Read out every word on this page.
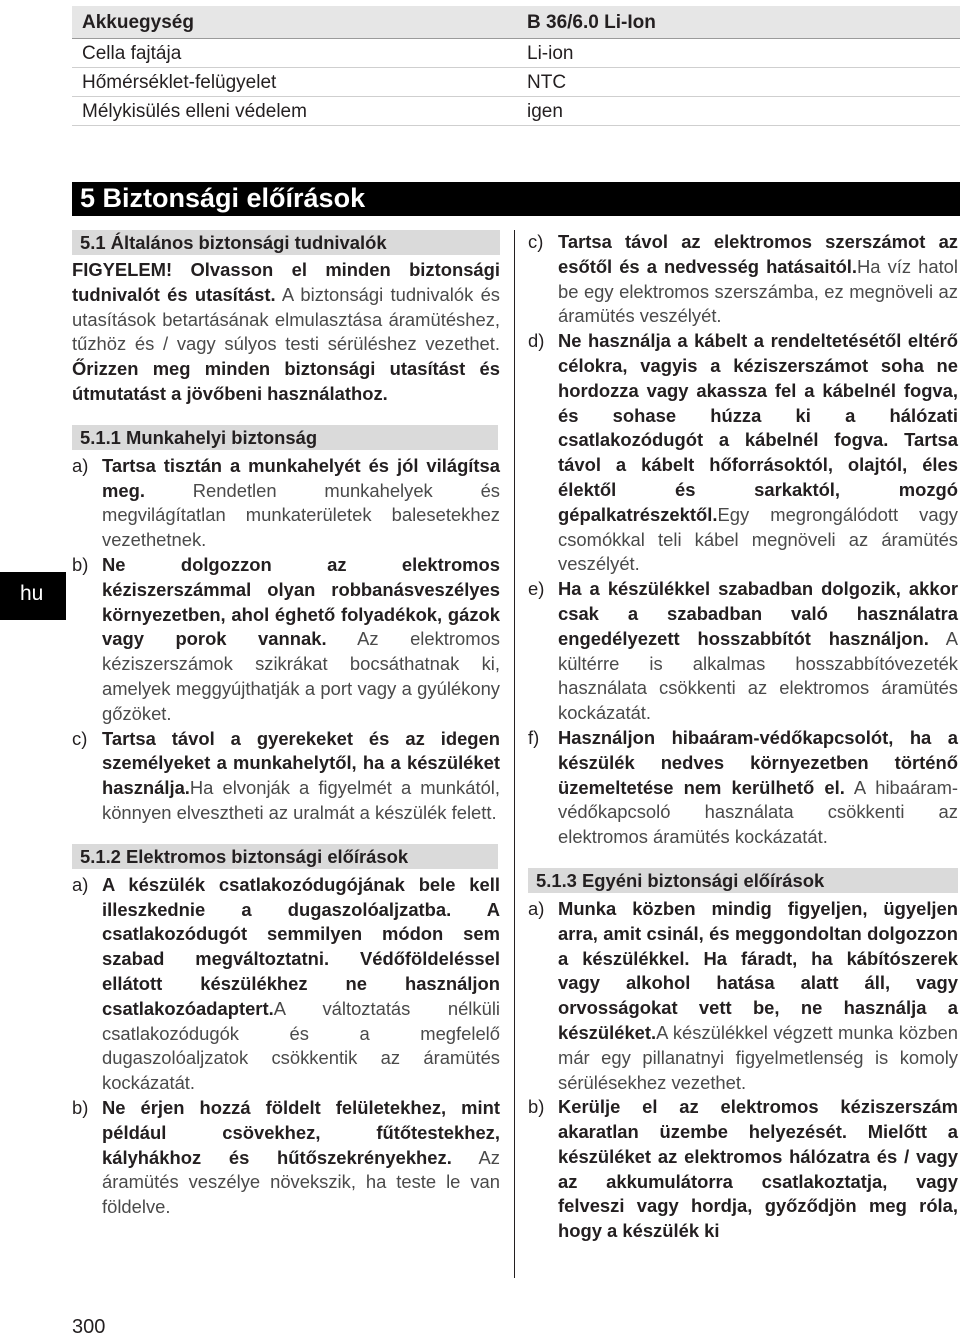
Akkuegység	B 36/6.0 Li-Ion
Cella fajtája	Li-ion
Hőmérséklet-felügyelet	NTC
Mélykisülés elleni védelem	igen
5 Biztonsági előírások
hu
5.1 Általános biztonsági tudnivalók

FIGYELEM! Olvasson el minden biztonsági tudnivalót és utasítást. A biztonsági tudnivalók és utasítások betartásának elmulasztása áramütéshez, tűzhöz és / vagy súlyos testi sérüléshez vezethet. Őrizzen meg minden biztonsági utasítást és útmutatást a jövőbeni használathoz.

5.1.1 Munkahelyi biztonság
a) Tartsa tisztán a munkahelyét és jól világítsa meg. Rendetlen munkahelyek és megvilágítatlan munkaterületek balesetekhez vezethetnek.
b) Ne dolgozzon az elektromos kéziszerszámmal olyan robbanásveszélyes környezetben, ahol éghető folyadékok, gázok vagy porok vannak. Az elektromos kéziszerszámok szikrákat bocsáthatnak ki, amelyek meggyújthatják a port vagy a gyúlékony gőzöket.
c) Tartsa távol a gyerekeket és az idegen személyeket a munkahelytől, ha a készüléket használja.Ha elvonják a figyelmét a munkától, könnyen elvesztheti az uralmát a készülék felett.
5.1.2 Elektromos biztonsági előírások
a) A készülék csatlakozódugójának bele kell illeszkednie a dugaszolóaljzatba. A csatlakozódugót semmilyen módon sem szabad megváltoztatni. Védőföldeléssel ellátott készülékhez ne használjon csatlakozóadaptert.A változtatás nélküli csatlakozódugók és a megfelelő dugaszolóaljzatok csökkentik az áramütés kockázatát.
b) Ne érjen hozzá földelt felületekhez, mint például csövekhez, fűtőtestekhez, kályhákhoz és hűtőszekrényekhez. Az áramütés veszélye növekszik, ha teste le van földelve.
c) Tartsa távol az elektromos szerszámot az esőtől és a nedvesség hatásaitól.Ha víz hatol be egy elektromos szerszámba, ez megnöveli az áramütés veszélyét.
d) Ne használja a kábelt a rendeltetésétől eltérő célokra, vagyis a kéziszerszámot soha ne hordozza vagy akassza fel a kábelnél fogva, és sohase húzza ki a hálózati csatlakozódugót a kábelnél fogva. Tartsa távol a kábelt hőforrásoktól, olajtól, éles élektől és sarkaktól, mozgó gépalkatrészektől.Egy megrongálódott vagy csomókkal teli kábel megnöveli az áramütés veszélyét.
e) Ha a készülékkel szabadban dolgozik, akkor csak a szabadban való használatra engedélyezett hosszabbítót használjon. A kültérre is alkalmas hosszabbítóvezeték használata csökkenti az elektromos áramütés kockázatát.
f) Használjon hibaáram-védőkapcsolót, ha a készülék nedves környezetben történő üzemeltetése nem kerülhető el. A hibaáram-védőkapcsoló használata csökkenti az elektromos áramütés kockázatát.
5.1.3 Egyéni biztonsági előírások
a) Munka közben mindig figyeljen, ügyeljen arra, amit csinál, és meggondoltan dolgozzon a készülékkel. Ha fáradt, ha kábítószerek vagy alkohol hatása alatt áll, vagy orvosságokat vett be, ne használja a készüléket.A készülékkel végzett munka közben már egy pillanatnyi figyelmetlenség is komoly sérülésekhez vezethet.
b) Kerülje el az elektromos kéziszerszám akaratlan üzembe helyezését. Mielőtt a készüléket az elektromos hálózatra és / vagy az akkumulátorra csatlakoztatja, vagy felveszi vagy hordja, győződjön meg róla, hogy a készülék ki
300
